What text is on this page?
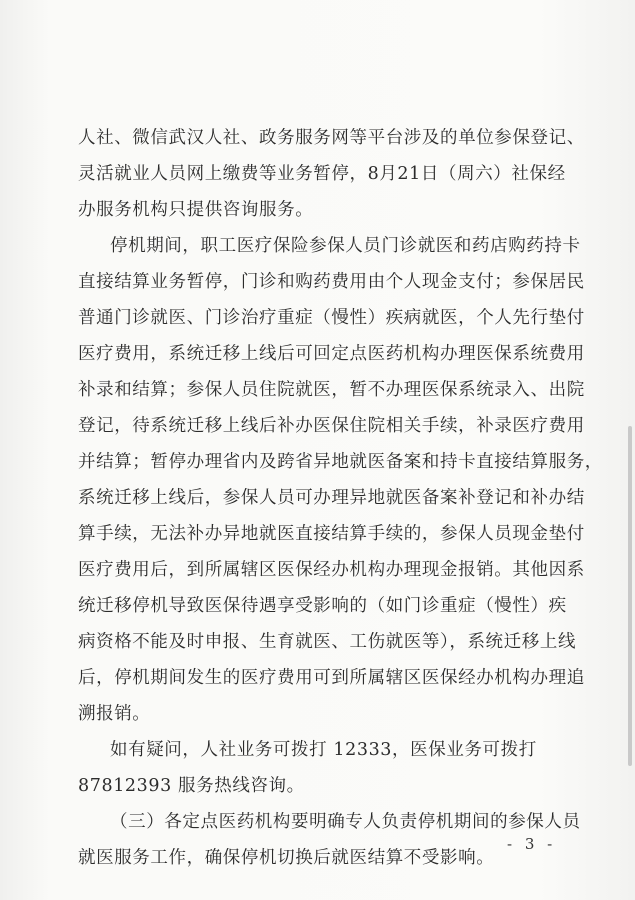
人社、微信武汉人社、政务服务网等平台涉及的单位参保登记、
灵活就业人员网上缴费等业务暂停，8月21日（周六）社保经
办服务机构只提供咨询服务。
停机期间，职工医疗保险参保人员门诊就医和药店购药持卡
直接结算业务暂停，门诊和购药费用由个人现金支付；参保居民
普通门诊就医、门诊治疗重症（慢性）疾病就医，个人先行垫付
医疗费用，系统迁移上线后可回定点医药机构办理医保系统费用
补录和结算；参保人员住院就医，暂不办理医保系统录入、出院
登记，待系统迁移上线后补办医保住院相关手续，补录医疗费用
并结算；暂停办理省内及跨省异地就医备案和持卡直接结算服务，
系统迁移上线后，参保人员可办理异地就医备案补登记和补办结
算手续，无法补办异地就医直接结算手续的，参保人员现金垫付
医疗费用后，到所属辖区医保经办机构办理现金报销。其他因系
统迁移停机导致医保待遇享受影响的（如门诊重症（慢性）疾
病资格不能及时申报、生育就医、工伤就医等），系统迁移上线
后，停机期间发生的医疗费用可到所属辖区医保经办机构办理追
溯报销。
如有疑问，人社业务可拨打 12333，医保业务可拨打
87812393 服务热线咨询。
（三）各定点医药机构要明确专人负责停机期间的参保人员
就医服务工作，确保停机切换后就医结算不受影响。
- 3 -
